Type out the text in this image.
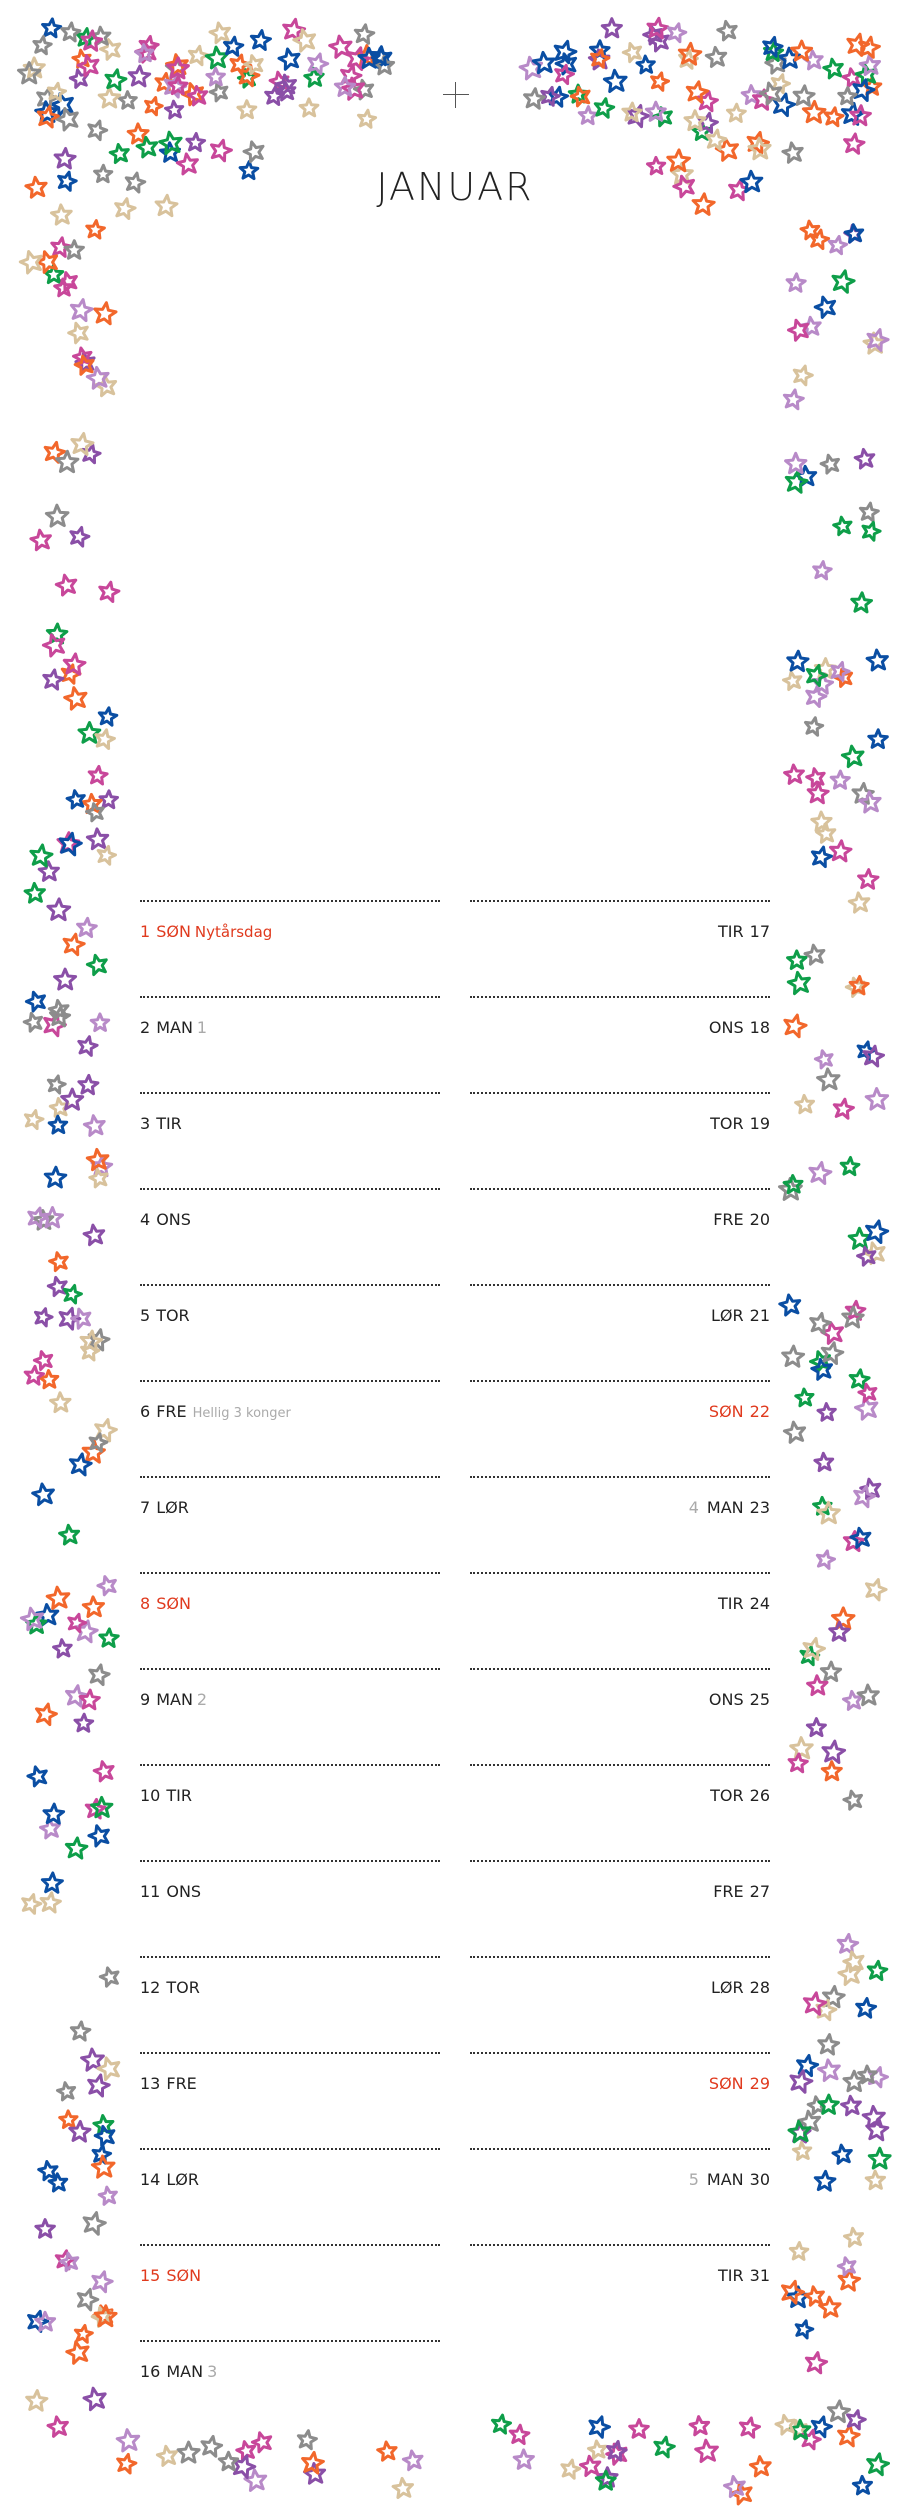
JANUAR
1 SØN Nytårsdag
2 MAN 1
3 TIR
4 ONS
5 TOR
6 FRE Hellig 3 konger
7 LØR
8 SØN
9 MAN 2
10 TIR
11 ONS
12 TOR
13 FRE
14 LØR
15 SØN
16 MAN 3
TIR 17
ONS 18
TOR 19
FRE 20
LØR 21
SØN 22
4 MAN 23
TIR 24
ONS 25
TOR 26
FRE 27
LØR 28
SØN 29
5 MAN 30
TIR 31
